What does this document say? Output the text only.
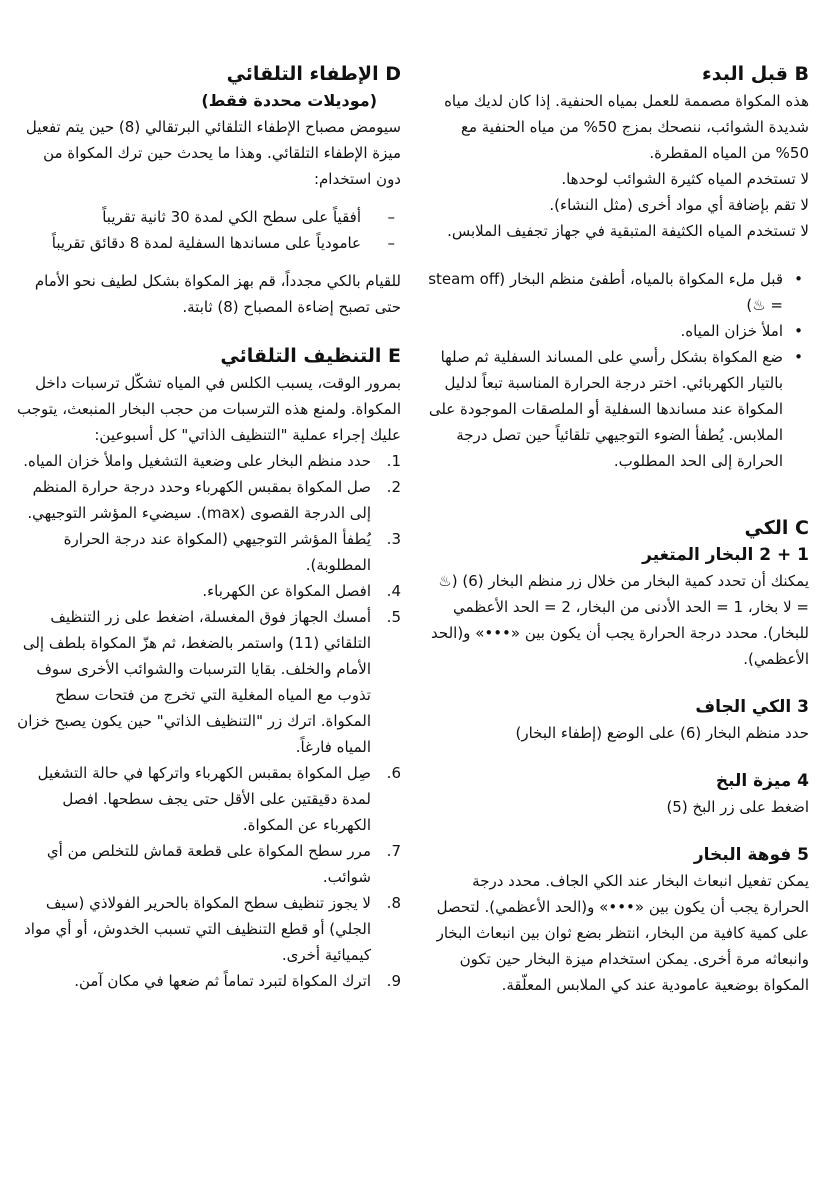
B قبل البدء

هذه المكواة مصممة للعمل بمياه الحنفية. إذا كان لديك مياه شديدة الشوائب، ننصحك بمزج 50% من مياه الحنفية مع 50% من المياه المقطرة.

لا تستخدم المياه كثيرة الشوائب لوحدها.

لا تقم بإضافة أي مواد أخرى (مثل النشاء).

لا تستخدم المياه الكثيفة المتبقية في جهاز تجفيف الملابس.

• قبل ملء المكواة بالمياه، أطفئ منظم البخار (steam off = ♨)
• املأ خزان المياه.
• ضع المكواة بشكل رأسي على المساند السفلية ثم صلها بالتيار الكهربائي. اختر درجة الحرارة المناسبة تبعاً لدليل المكواة عند مساندها السفلية أو الملصقات الموجودة على الملابس. يُطفأ الضوء التوجيهي تلقائياً حين تصل درجة الحرارة إلى الحد المطلوب.
C الكي
1 + 2 البخار المتغير

يمكنك أن تحدد كمية البخار من خلال زر منظم البخار (6) (♨ = لا بخار، 1 = الحد الأدنى من البخار، 2 = الحد الأعظمي للبخار). محدد درجة الحرارة يجب أن يكون بين «•••» و(الحد الأعظمي).

3 الكي الجاف

حدد منظم البخار (6) على الوضع (إطفاء البخار)

4 ميزة البخ

اضغط على زر البخ (5)

5 فوهة البخار

يمكن تفعيل انبعاث البخار عند الكي الجاف. محدد درجة الحرارة يجب أن يكون بين «•••» و(الحد الأعظمي). لتحصل على كمية كافية من البخار، انتظر بضع ثوان بين انبعاث البخار وانبعاثه مرة أخرى. يمكن استخدام ميزة البخار حين تكون المكواة بوضعية عامودية عند كي الملابس المعلّقة.

D الإطفاء التلقائي

(موديلات محددة فقط)

سيومض مصباح الإطفاء التلقائي البرتقالي (8) حين يتم تفعيل ميزة الإطفاء التلقائي. وهذا ما يحدث حين ترك المكواة من دون استخدام:

– أفقياً على سطح الكي لمدة 30 ثانية تقريباً
– عامودياً على مساندها السفلية لمدة 8 دقائق تقريباً

للقيام بالكي مجدداً، قم بهز المكواة بشكل لطيف نحو الأمام حتى تصبح إضاءة المصباح (8) ثابتة.

E التنظيف التلقائي

بمرور الوقت، يسبب الكلس في المياه تشكّل ترسبات داخل المكواة. ولمنع هذه الترسبات من حجب البخار المنبعث، يتوجب عليك إجراء عملية "التنظيف الذاتي" كل أسبوعين:

1.
حدد منظم البخار على وضعية التشغيل واملأ خزان المياه.
2.
صل المكواة بمقبس الكهرباء وحدد درجة حرارة المنظم إلى الدرجة القصوى (max). سيضيء المؤشر التوجيهي.
3.
يُطفأ المؤشر التوجيهي (المكواة عند درجة الحرارة المطلوبة).
4.
افصل المكواة عن الكهرباء.
5.
أمسك الجهاز فوق المغسلة، اضغط على زر التنظيف التلقائي (11) واستمر بالضغط، ثم هزّ المكواة بلطف إلى الأمام والخلف. بقايا الترسبات والشوائب الأخرى سوف تذوب مع المياه المغلية التي تخرج من فتحات سطح المكواة. اترك زر "التنظيف الذاتي" حين يكون يصبح خزان المياه فارغاً.
6.
صِل المكواة بمقبس الكهرباء واتركها في حالة التشغيل لمدة دقيقتين على الأقل حتى يجف سطحها. افصل الكهرباء عن المكواة.
7.
مرر سطح المكواة على قطعة قماش للتخلص من أي شوائب.
8.
لا يجوز تنظيف سطح المكواة بالحرير الفولاذي (سيف الجلي) أو قطع التنظيف التي تسبب الخدوش، أو أي مواد كيميائية أخرى.
9.
اترك المكواة لتبرد تماماً ثم ضعها في مكان آمن.
